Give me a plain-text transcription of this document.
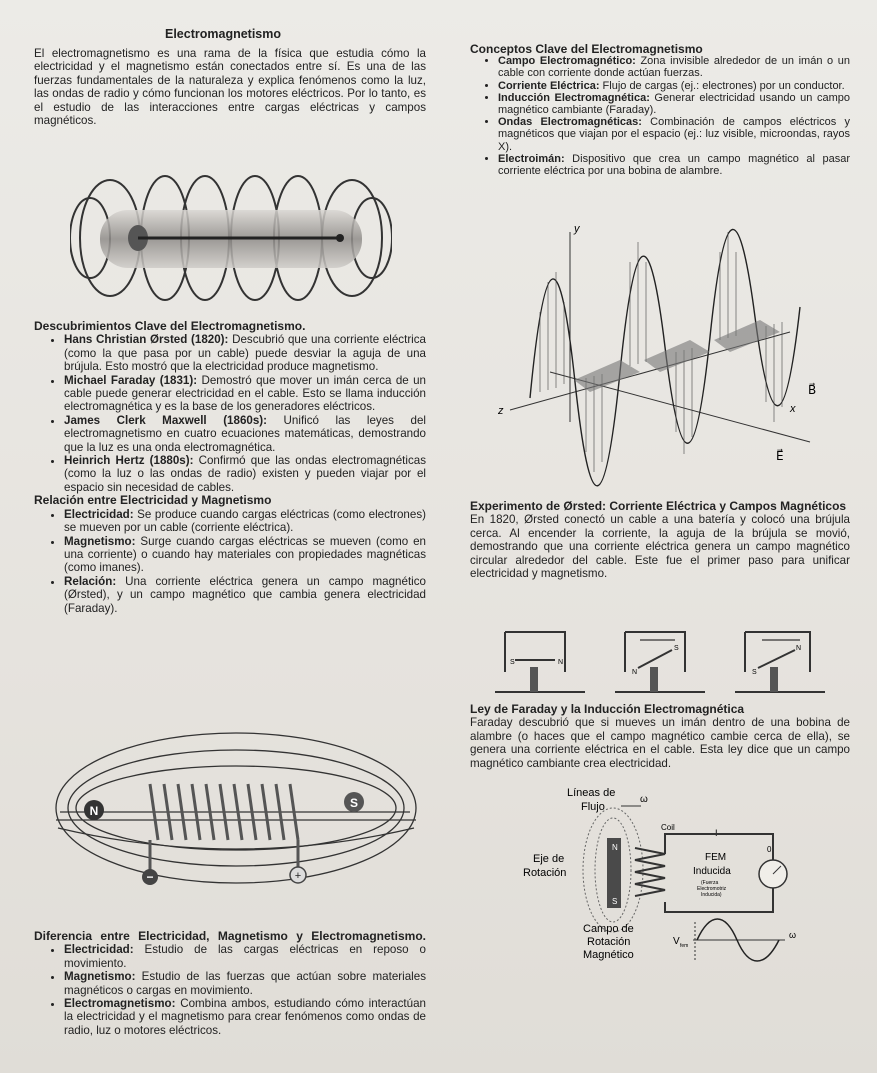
Electromagnetismo

El electromagnetismo es una rama de la física que estudia cómo la electricidad y el magnetismo están conectados entre sí. Es una de las fuerzas fundamentales de la naturaleza y explica fenómenos como la luz, las ondas de radio y cómo funcionan los motores eléctricos. Por lo tanto, es el estudio de las interacciones entre cargas eléctricas y campos magnéticos.

Descubrimientos Clave del Electromagnetismo.
• Hans Christian Ørsted (1820): Descubrió que una corriente eléctrica (como la que pasa por un cable) puede desviar la aguja de una brújula. Esto mostró que la electricidad produce magnetismo.
• Michael Faraday (1831): Demostró que mover un imán cerca de un cable puede generar electricidad en el cable. Esto se llama inducción electromagnética y es la base de los generadores eléctricos.
• James Clerk Maxwell (1860s): Unificó las leyes del electromagnetismo en cuatro ecuaciones matemáticas, demostrando que la luz es una onda electromagnética.
• Heinrich Hertz (1880s): Confirmó que las ondas electromagnéticas (como la luz o las ondas de radio) existen y pueden viajar por el espacio sin necesidad de cables.
Relación entre Electricidad y Magnetismo
• Electricidad: Se produce cuando cargas eléctricas (como electrones) se mueven por un cable (corriente eléctrica).
• Magnetismo: Surge cuando cargas eléctricas se mueven (como en una corriente) o cuando hay materiales con propiedades magnéticas (como imanes).
• Relación: Una corriente eléctrica genera un campo magnético (Ørsted), y un campo magnético que cambia genera electricidad (Faraday).
N
S
−	+
Diferencia entre Electricidad, Magnetismo y Electromagnetismo.
• Electricidad: Estudio de las cargas eléctricas en reposo o movimiento.
• Magnetismo: Estudio de las fuerzas que actúan sobre materiales magnéticos o cargas en movimiento.
• Electromagnetismo: Combina ambos, estudiando cómo interactúan la electricidad y el magnetismo para crear fenómenos como ondas de radio, luz o motores eléctricos.
Conceptos Clave del Electromagnetismo
• Campo Electromagnético: Zona invisible alrededor de un imán o un cable con corriente donde actúan fuerzas.
• Corriente Eléctrica: Flujo de cargas (ej.: electrones) por un conductor.
• Inducción Electromagnética: Generar electricidad usando un campo magnético cambiante (Faraday).
• Ondas Electromagnéticas: Combinación de campos eléctricos y magnéticos que viajan por el espacio (ej.: luz visible, microondas, rayos X).
• Electroimán: Dispositivo que crea un campo magnético al pasar corriente eléctrica por una bobina de alambre.
y
z	x
B⃗
E⃗
Experimento de Ørsted: Corriente Eléctrica y Campos Magnéticos

En 1820, Ørsted conectó un cable a una batería y colocó una brújula cerca. Al encender la corriente, la aguja de la brújula se movió, demostrando que una corriente eléctrica genera un campo magnético circular alrededor del cable. Este fue el primer paso para unificar electricidad y magnetismo.

S	N
N
S
S
N
Ley de Faraday y la Inducción Electromagnética

Faraday descubrió que si mueves un imán dentro de una bobina de alambre (o haces que el campo magnético cambie cerca de ella), se genera una corriente eléctrica en el cable. Esta ley dice que un campo magnético cambiante crea electricidad.

Líneas de
Flujo
ω
Coil
I
Eje de
Rotación
N
S
0
FEM
Inducida
(Fuerza
Electromotriz
Inducida)
Campo de
Rotación
Magnético
V fem
ω
